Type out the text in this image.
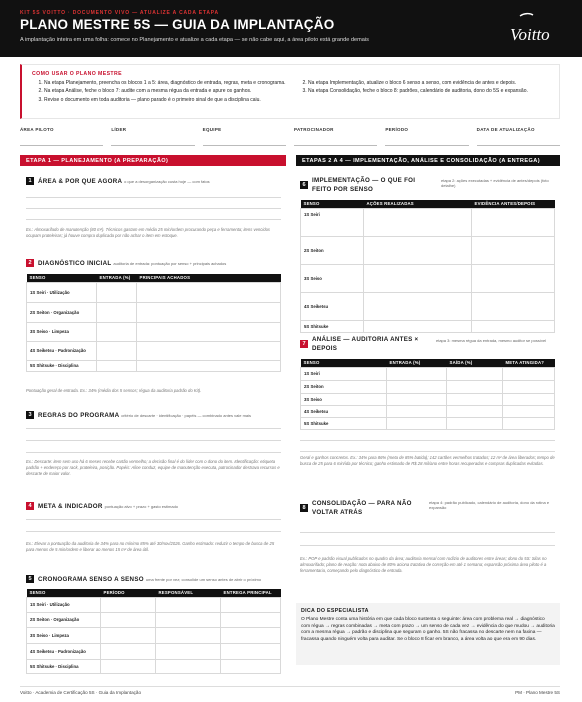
KIT 5S VOITTO · DOCUMENTO VIVO — ATUALIZE A CADA ETAPA
PLANO MESTRE 5S — GUIA DA IMPLANTAÇÃO
A implantação inteira em uma folha: comece no Planejamento e atualize a cada etapa — se não cabe aqui, a área piloto está grande demais	Voitto
COMO USAR O PLANO MESTRE
1. Na etapa Planejamento, preencha os blocos 1 a 5: área, diagnóstico de entrada, regras, meta e cronograma.
2. Na etapa Análise, feche o bloco 7: audite com a mesma régua da entrada e apure os ganhos.
3. Revise o documento em toda auditoria — plano parado é o primeiro sinal de que a disciplina caiu.
2. Na etapa Implementação, atualize o bloco 6 senso a senso, com evidência de antes e depois.
3. Na etapa Consolidação, feche o bloco 8: padrões, calendário de auditoria, dono do 5S e expansão.
ÁREA PILOTO	LÍDER	EQUIPE	PATROCINADOR	PERÍODO	DATA DE ATUALIZAÇÃO
ETAPA 1 — PLANEJAMENTO (A PREPARAÇÃO)	ETAPAS 2 A 4 — IMPLEMENTAÇÃO, ANÁLISE E CONSOLIDAÇÃO (A ENTREGA)
1	ÁREA & POR QUE AGORA o que a desorganização custa hoje — com fatos
Ex.: Almoxarifado de manutenção (80 m²). Técnicos gastam em média 25 min/ordem procurando peça e ferramenta; itens vencidos ocupam prateleiras; já houve compra duplicada por não achar o item em estoque.
2	DIAGNÓSTICO INICIAL auditoria de entrada: pontuação por senso + principais achados
SENSO	ENTRADA (%)	PRINCIPAIS ACHADOS
1S Seiri · Utilização		
2S Seiton · Organização		
3S Seiso · Limpeza		
4S Seiketsu · Padronização		
5S Shitsuke · Disciplina		
Pontuação geral de entrada. Ex.: 34% (média dos 5 sensos; régua da auditoria padrão do Kit).
3	REGRAS DO PROGRAMA critério de descarte · identificação · papéis — combinado antes vale mais
Ex.: Descarte: item sem uso há 6 meses recebe cartão vermelho; a decisão final é do líder com o dono do item. Identificação: etiqueta padrão + endereço por rack, prateleira, posição. Papéis: Aline conduz, equipe de manutenção executa, patrocinador destrava recursos e descarte de maior valor.
4	META & INDICADOR pontuação alvo + prazo + gasto estimado
Ex.: Elevar a pontuação da auditoria de 34% para no mínimo 85% até 30/nov/2026. Ganho estimado: reduzir o tempo de busca de 25 para menos de 5 min/ordem e liberar ao menos 15 m² de área útil.
5	CRONOGRAMA SENSO A SENSO uma frente por vez; consolide um senso antes de abrir o próximo
SENSO	PERÍODO	RESPONSÁVEL	ENTREGA PRINCIPAL
1S Seiri · Utilização			
2S Seiton · Organização			
3S Seiso · Limpeza			
4S Seiketsu · Padronização			
5S Shitsuke · Disciplina			
6
IMPLEMENTAÇÃO — O QUE FOI FEITO POR SENSO
etapa 2: ações executadas + evidência de antes/depois (foto detalhe)
SENSO	AÇÕES REALIZADAS	EVIDÊNCIA ANTES/DEPOIS
1S Seiri		
2S Seiton		
3S Seiso		
4S Seiketsu		
5S Shitsuke		
7
ANÁLISE — AUDITORIA ANTES × DEPOIS
etapa 3: mesma régua da entrada, mesmo auditor se possível
SENSO	ENTRADA (%)	SAÍDA (%)	META ATINGIDA?
1S Seiri			
2S Seiton			
3S Seiso			
4S Seiketsu			
5S Shitsuke			
Geral e ganhos concretos. Ex.: 34% para 86% (meta de 85% batida); 142 cartões vermelhos tratados; 12 m² de área liberados; tempo de busca de 25 para 6 min/ida por técnico; ganho estimado de R$ 28 mil/ano entre horas recuperadas e compras duplicadas evitadas.
8
CONSOLIDAÇÃO — PARA NÃO VOLTAR ATRÁS
etapa 4: padrão publicado, calendário de auditoria, dono da rotina e expansão
Ex.: POP e padrão visual publicados no quadro da área; auditoria mensal com rodízio de auditores entre áreas; dono do 5S: Silas no almoxarifado; plano de reação: nota abaixo de 80% aciona tratativa de correção em até 1 semana; expansão próxima área piloto é a ferramentaria, começando pelo diagnóstico de entrada.
DICA DO ESPECIALISTA
O Plano Mestre conta uma história em que cada bloco sustenta o seguinte: área com problema real → diagnóstico com régua → regras combinadas → meta com prazo → um senso de cada vez → evidência do que mudou → auditoria com a mesma régua → padrão e disciplina que seguram o ganho. 5S não fracassa no descarte nem na faxina — fracassa quando ninguém volta para auditar. Se o bloco 8 ficar em branco, a área volta ao que era em 90 dias.
Voitto · Academia de Certificação 5S · Guia da Implantação	PM · Plano Mestre 5S
